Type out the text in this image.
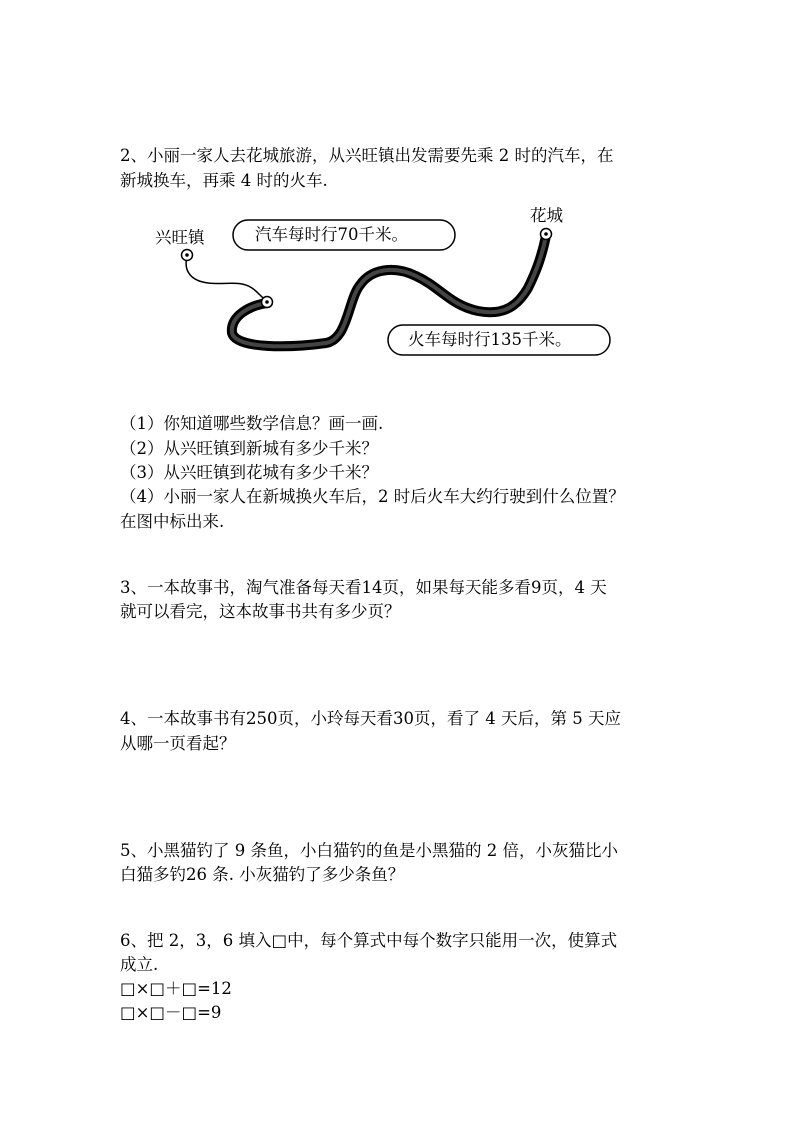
2、小丽一家人去花城旅游，从兴旺镇出发需要先乘 2 时的汽车，在
新城换车，再乘 4 时的火车.
兴旺镇
花城
汽车每时行70千米。
火车每时行135千米。
（1）你知道哪些数学信息？画一画.
（2）从兴旺镇到新城有多少千米？
（3）从兴旺镇到花城有多少千米？
（4）小丽一家人在新城换火车后，2 时后火车大约行驶到什么位置？
在图中标出来.
3、一本故事书，淘气准备每天看14页，如果每天能多看9页，4 天
就可以看完，这本故事书共有多少页？
4、一本故事书有250页，小玲每天看30页，看了 4 天后，第 5 天应
从哪一页看起？
5、小黑猫钓了 9 条鱼，小白猫钓的鱼是小黑猫的 2 倍，小灰猫比小
白猫多钓26 条. 小灰猫钓了多少条鱼？
6、把 2，3，6 填入□中，每个算式中每个数字只能用一次，使算式
成立.
□×□＋□=12
□×□－□=9
